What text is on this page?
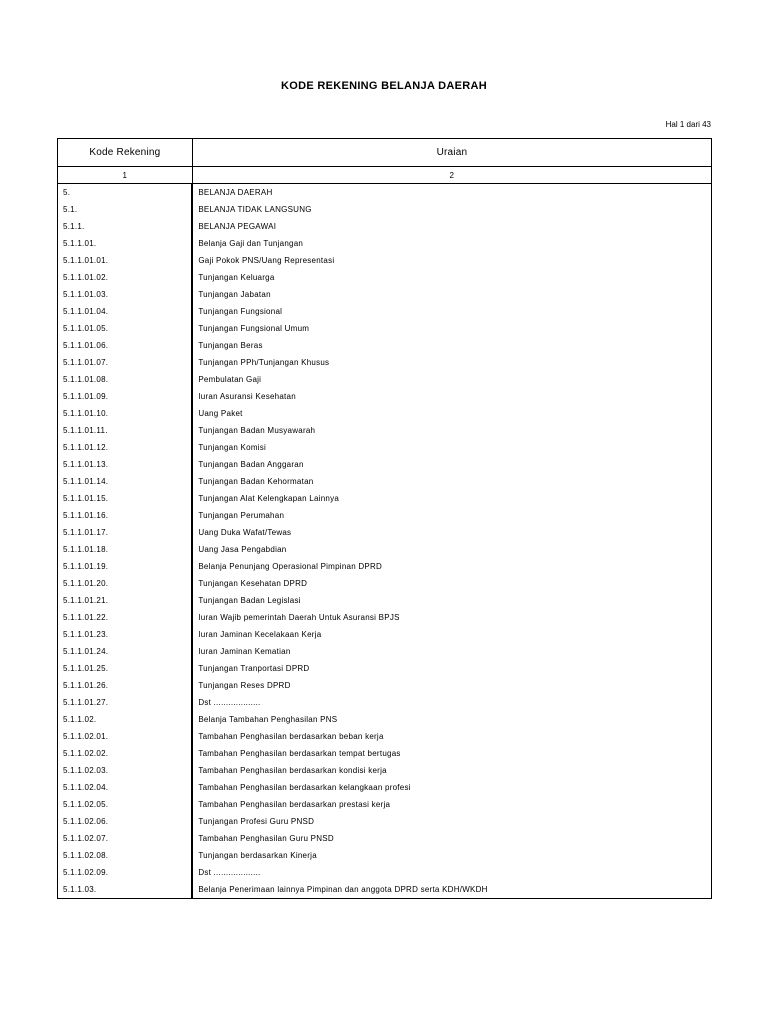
KODE REKENING BELANJA DAERAH
Hal 1 dari 43
Kode Rekening	Uraian
1	2
5.	BELANJA DAERAH
5.1.	BELANJA TIDAK LANGSUNG
5.1.1.	BELANJA PEGAWAI
5.1.1.01.	Belanja Gaji dan Tunjangan
5.1.1.01.01.	Gaji Pokok PNS/Uang Representasi
5.1.1.01.02.	Tunjangan Keluarga
5.1.1.01.03.	Tunjangan Jabatan
5.1.1.01.04.	Tunjangan Fungsional
5.1.1.01.05.	Tunjangan Fungsional Umum
5.1.1.01.06.	Tunjangan Beras
5.1.1.01.07.	Tunjangan PPh/Tunjangan Khusus
5.1.1.01.08.	Pembulatan Gaji
5.1.1.01.09.	Iuran Asuransi Kesehatan
5.1.1.01.10.	Uang Paket
5.1.1.01.11.	Tunjangan Badan Musyawarah
5.1.1.01.12.	Tunjangan Komisi
5.1.1.01.13.	Tunjangan Badan Anggaran
5.1.1.01.14.	Tunjangan Badan Kehormatan
5.1.1.01.15.	Tunjangan Alat Kelengkapan Lainnya
5.1.1.01.16.	Tunjangan Perumahan
5.1.1.01.17.	Uang Duka Wafat/Tewas
5.1.1.01.18.	Uang Jasa Pengabdian
5.1.1.01.19.	Belanja Penunjang Operasional Pimpinan DPRD
5.1.1.01.20.	Tunjangan Kesehatan DPRD
5.1.1.01.21.	Tunjangan Badan Legislasi
5.1.1.01.22.	Iuran Wajib pemerintah Daerah Untuk Asuransi BPJS
5.1.1.01.23.	Iuran Jaminan Kecelakaan Kerja
5.1.1.01.24.	Iuran Jaminan Kematian
5.1.1.01.25.	Tunjangan Tranportasi DPRD
5.1.1.01.26.	Tunjangan Reses DPRD
5.1.1.01.27.	Dst ...................
5.1.1.02.	Belanja Tambahan Penghasilan PNS
5.1.1.02.01.	Tambahan Penghasilan berdasarkan beban kerja
5.1.1.02.02.	Tambahan Penghasilan berdasarkan tempat bertugas
5.1.1.02.03.	Tambahan Penghasilan berdasarkan kondisi kerja
5.1.1.02.04.	Tambahan Penghasilan berdasarkan kelangkaan profesi
5.1.1.02.05.	Tambahan Penghasilan berdasarkan prestasi kerja
5.1.1.02.06.	Tunjangan Profesi Guru PNSD
5.1.1.02.07.	Tambahan Penghasilan Guru PNSD
5.1.1.02.08.	Tunjangan berdasarkan Kinerja
5.1.1.02.09.	Dst ...................
5.1.1.03.	Belanja Penerimaan lainnya Pimpinan dan anggota DPRD serta KDH/WKDH
